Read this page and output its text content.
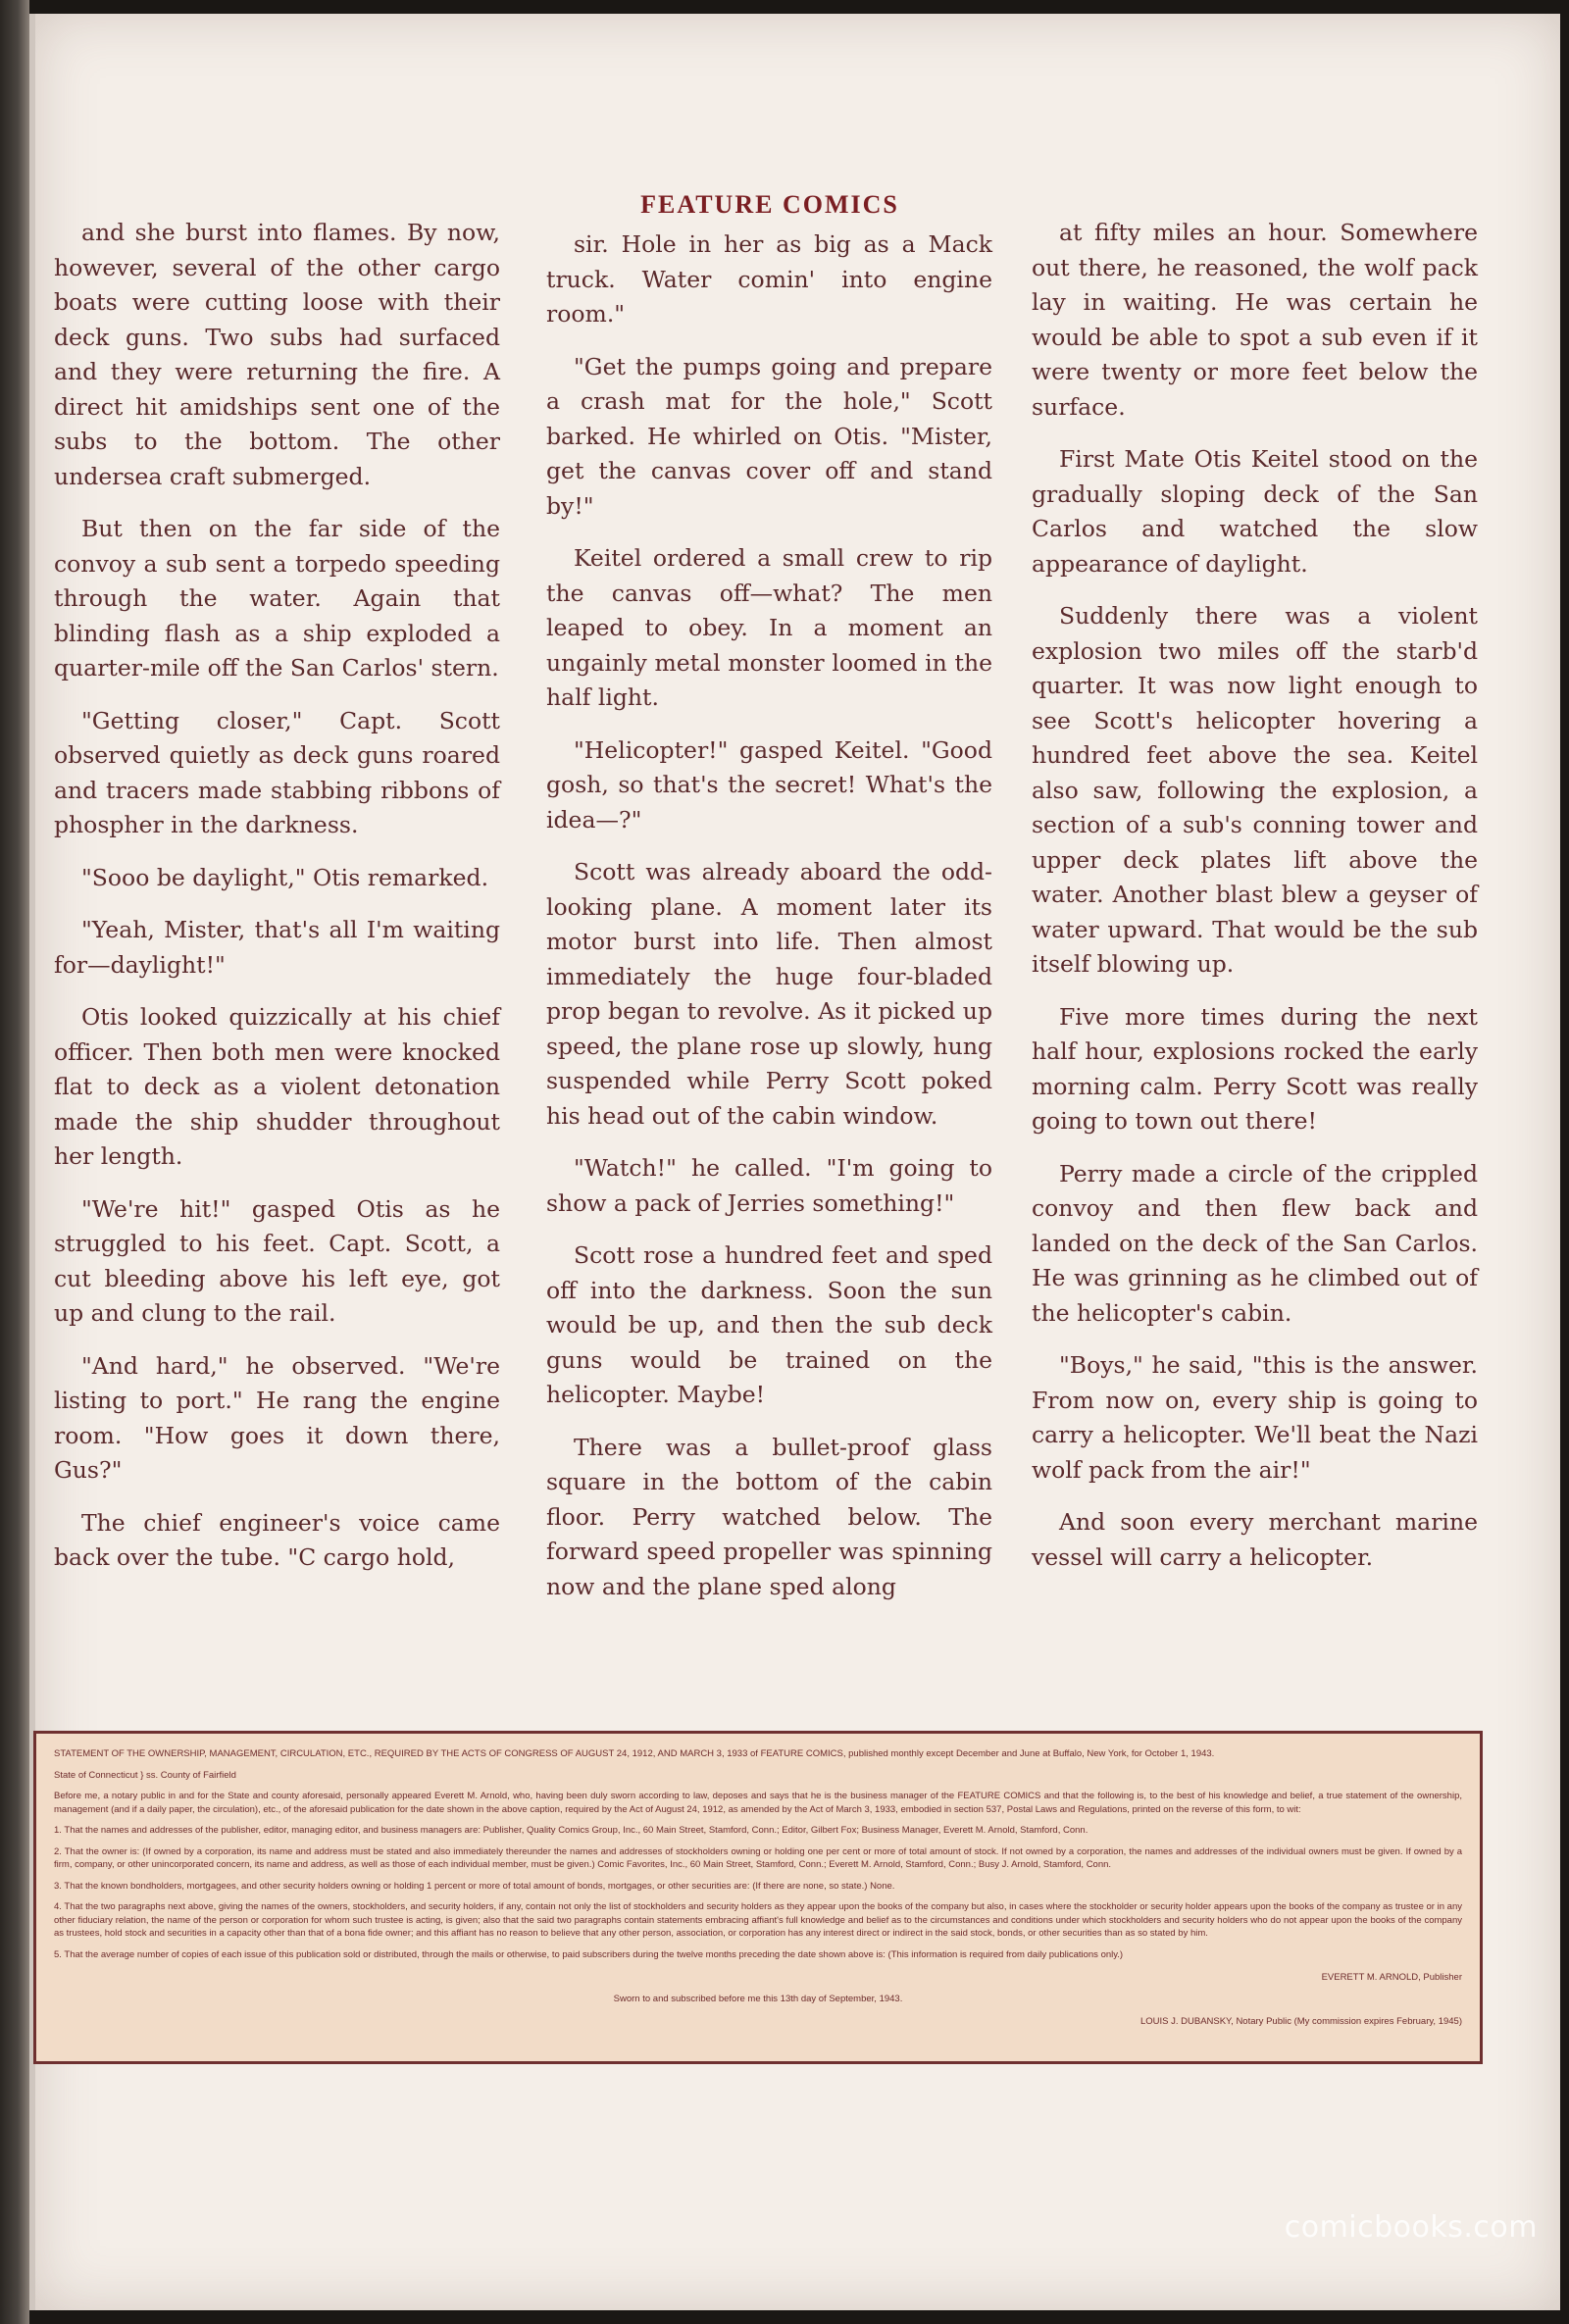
FEATURE COMICS

and she burst into flames. By now, however, several of the other cargo boats were cutting loose with their deck guns. Two subs had surfaced and they were returning the fire. A direct hit amidships sent one of the subs to the bottom. The other undersea craft submerged.

But then on the far side of the convoy a sub sent a torpedo speeding through the water. Again that blinding flash as a ship exploded a quarter-mile off the San Carlos' stern.

"Getting closer," Capt. Scott observed quietly as deck guns roared and tracers made stabbing ribbons of phospher in the darkness.

"Sooo be daylight," Otis remarked.

"Yeah, Mister, that's all I'm waiting for—daylight!"

Otis looked quizzically at his chief officer. Then both men were knocked flat to deck as a violent detonation made the ship shudder throughout her length.

"We're hit!" gasped Otis as he struggled to his feet. Capt. Scott, a cut bleeding above his left eye, got up and clung to the rail.

"And hard," he observed. "We're listing to port." He rang the engine room. "How goes it down there, Gus?"

The chief engineer's voice came back over the tube. "C cargo hold,

sir. Hole in her as big as a Mack truck. Water comin' into engine room."

"Get the pumps going and prepare a crash mat for the hole," Scott barked. He whirled on Otis. "Mister, get the canvas cover off and stand by!"

Keitel ordered a small crew to rip the canvas off—what? The men leaped to obey. In a moment an ungainly metal monster loomed in the half light.

"Helicopter!" gasped Keitel. "Good gosh, so that's the secret! What's the idea—?"

Scott was already aboard the odd-looking plane. A moment later its motor burst into life. Then almost immediately the huge four-bladed prop began to revolve. As it picked up speed, the plane rose up slowly, hung suspended while Perry Scott poked his head out of the cabin window.

"Watch!" he called. "I'm going to show a pack of Jerries something!"

Scott rose a hundred feet and sped off into the darkness. Soon the sun would be up, and then the sub deck guns would be trained on the helicopter. Maybe!

There was a bullet-proof glass square in the bottom of the cabin floor. Perry watched below. The forward speed propeller was spinning now and the plane sped along

at fifty miles an hour. Somewhere out there, he reasoned, the wolf pack lay in waiting. He was certain he would be able to spot a sub even if it were twenty or more feet below the surface.

First Mate Otis Keitel stood on the gradually sloping deck of the San Carlos and watched the slow appearance of daylight.

Suddenly there was a violent explosion two miles off the starb'd quarter. It was now light enough to see Scott's helicopter hovering a hundred feet above the sea. Keitel also saw, following the explosion, a section of a sub's conning tower and upper deck plates lift above the water. Another blast blew a geyser of water upward. That would be the sub itself blowing up.

Five more times during the next half hour, explosions rocked the early morning calm. Perry Scott was really going to town out there!

Perry made a circle of the crippled convoy and then flew back and landed on the deck of the San Carlos. He was grinning as he climbed out of the helicopter's cabin.

"Boys," he said, "this is the answer. From now on, every ship is going to carry a helicopter. We'll beat the Nazi wolf pack from the air!"

And soon every merchant marine vessel will carry a helicopter.

STATEMENT OF THE OWNERSHIP, MANAGEMENT, CIRCULATION, ETC., REQUIRED BY THE ACTS OF CONGRESS OF AUGUST 24, 1912, AND MARCH 3, 1933 of FEATURE COMICS, published monthly except December and June at Buffalo, New York, for October 1, 1943.

State of Connecticut } ss. County of Fairfield

Before me, a notary public in and for the State and county aforesaid, personally appeared Everett M. Arnold, who, having been duly sworn according to law, deposes and says that he is the business manager of the FEATURE COMICS and that the following is, to the best of his knowledge and belief, a true statement of the ownership, management (and if a daily paper, the circulation), etc., of the aforesaid publication for the date shown in the above caption, required by the Act of August 24, 1912, as amended by the Act of March 3, 1933, embodied in section 537, Postal Laws and Regulations, printed on the reverse of this form, to wit:

1. That the names and addresses of the publisher, editor, managing editor, and business managers are: Publisher, Quality Comics Group, Inc., 60 Main Street, Stamford, Conn.; Editor, Gilbert Fox; Business Manager, Everett M. Arnold, Stamford, Conn.

2. That the owner is: (If owned by a corporation, its name and address must be stated and also immediately thereunder the names and addresses of stockholders owning or holding one per cent or more of total amount of stock. If not owned by a corporation, the names and addresses of the individual owners must be given. If owned by a firm, company, or other unincorporated concern, its name and address, as well as those of each individual member, must be given.) Comic Favorites, Inc., 60 Main Street, Stamford, Conn.; Everett M. Arnold, Stamford, Conn.; Busy J. Arnold, Stamford, Conn.

3. That the known bondholders, mortgagees, and other security holders owning or holding 1 percent or more of total amount of bonds, mortgages, or other securities are: (If there are none, so state.) None.

4. That the two paragraphs next above, giving the names of the owners, stockholders, and security holders, if any, contain not only the list of stockholders and security holders as they appear upon the books of the company but also, in cases where the stockholder or security holder appears upon the books of the company as trustee or in any other fiduciary relation, the name of the person or corporation for whom such trustee is acting, is given; also that the said two paragraphs contain statements embracing affiant's full knowledge and belief as to the circumstances and conditions under which stockholders and security holders who do not appear upon the books of the company as trustees, hold stock and securities in a capacity other than that of a bona fide owner; and this affiant has no reason to believe that any other person, association, or corporation has any interest direct or indirect in the said stock, bonds, or other securities than as so stated by him.

5. That the average number of copies of each issue of this publication sold or distributed, through the mails or otherwise, to paid subscribers during the twelve months preceding the date shown above is: (This information is required from daily publications only.)

EVERETT M. ARNOLD, Publisher

Sworn to and subscribed before me this 13th day of September, 1943.

LOUIS J. DUBANSKY, Notary Public (My commission expires February, 1945)

comicbooks.com
